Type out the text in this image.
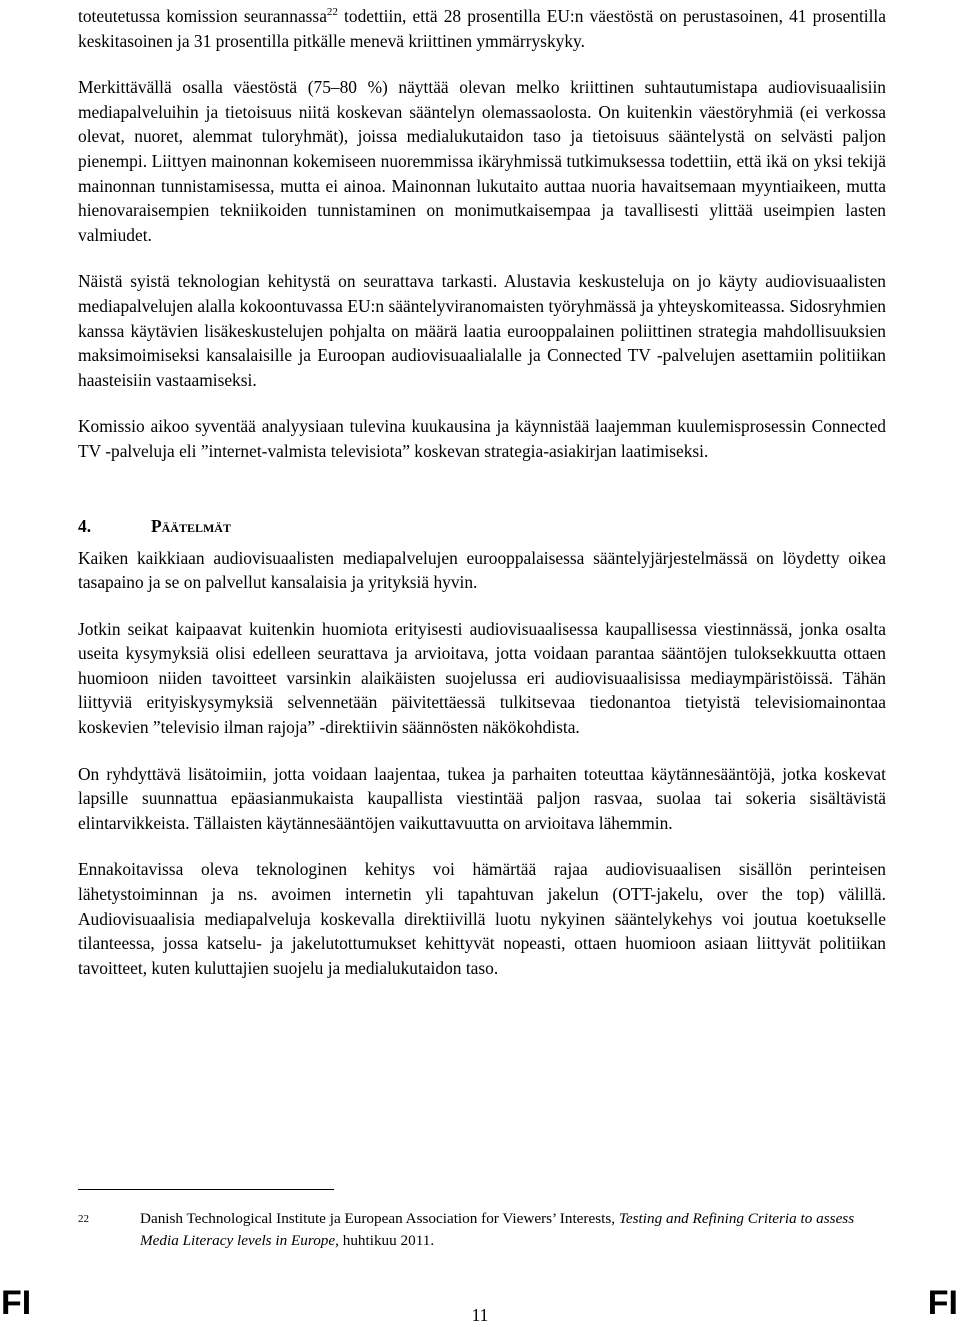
toteutetussa komission seurannassa$^{22}$ todettiin, että 28 prosentilla EU:n väestöstä on perustasoinen, 41 prosentilla keskitasoinen ja 31 prosentilla pitkälle menevä kriittinen ymmärryskyky.

Merkittävällä osalla väestöstä (75–80 %) näyttää olevan melko kriittinen suhtautumistapa audiovisuaalisiin mediapalveluihin ja tietoisuus niitä koskevan sääntelyn olemassaolosta. On kuitenkin väestöryhmiä (ei verkossa olevat, nuoret, alemmat tuloryhmät), joissa medialukutaidon taso ja tietoisuus sääntelystä on selvästi paljon pienempi. Liittyen mainonnan kokemiseen nuoremmissa ikäryhmissä tutkimuksessa todettiin, että ikä on yksi tekijä mainonnan tunnistamisessa, mutta ei ainoa. Mainonnan lukutaito auttaa nuoria havaitsemaan myyntiaikeen, mutta hienovaraisempien tekniikoiden tunnistaminen on monimutkaisempaa ja tavallisesti ylittää useimpien lasten valmiudet.

Näistä syistä teknologian kehitystä on seurattava tarkasti. Alustavia keskusteluja on jo käyty audiovisuaalisten mediapalvelujen alalla kokoontuvassa EU:n sääntelyviranomaisten työryhmässä ja yhteyskomiteassa. Sidosryhmien kanssa käytävien lisäkeskustelujen pohjalta on määrä laatia eurooppalainen poliittinen strategia mahdollisuuksien maksimoimiseksi kansalaisille ja Euroopan audiovisuaalialalle ja Connected TV -palvelujen asettamiin politiikan haasteisiin vastaamiseksi.

Komissio aikoo syventää analyysiaan tulevina kuukausina ja käynnistää laajemman kuulemisprosessin Connected TV -palveluja eli ”internet-valmista televisiota” koskevan strategia-asiakirjan laatimiseksi.

4.	Päätelmät

Kaiken kaikkiaan audiovisuaalisten mediapalvelujen eurooppalaisessa sääntelyjärjestelmässä on löydetty oikea tasapaino ja se on palvellut kansalaisia ja yrityksiä hyvin.

Jotkin seikat kaipaavat kuitenkin huomiota erityisesti audiovisuaalisessa kaupallisessa viestinnässä, jonka osalta useita kysymyksiä olisi edelleen seurattava ja arvioitava, jotta voidaan parantaa sääntöjen tuloksekkuutta ottaen huomioon niiden tavoitteet varsinkin alaikäisten suojelussa eri audiovisuaalisissa mediaympäristöissä. Tähän liittyviä erityiskysymyksiä selvennetään päivitettäessä tulkitsevaa tiedonantoa tietyistä televisiomainontaa koskevien ”televisio ilman rajoja” -direktiivin säännösten näkökohdista.

On ryhdyttävä lisätoimiin, jotta voidaan laajentaa, tukea ja parhaiten toteuttaa käytännesääntöjä, jotka koskevat lapsille suunnattua epäasianmukaista kaupallista viestintää paljon rasvaa, suolaa tai sokeria sisältävistä elintarvikkeista. Tällaisten käytännesääntöjen vaikuttavuutta on arvioitava lähemmin.

Ennakoitavissa oleva teknologinen kehitys voi hämärtää rajaa audiovisuaalisen sisällön perinteisen lähetystoiminnan ja ns. avoimen internetin yli tapahtuvan jakelun (OTT-jakelu, over the top) välillä. Audiovisuaalisia mediapalveluja koskevalla direktiivillä luotu nykyinen sääntelykehys voi joutua koetukselle tilanteessa, jossa katselu- ja jakelutottumukset kehittyvät nopeasti, ottaen huomioon asiaan liittyvät politiikan tavoitteet, kuten kuluttajien suojelu ja medialukutaidon taso.

22	Danish Technological Institute ja European Association for Viewers’ Interests, Testing and Refining Criteria to assess Media Literacy levels in Europe, huhtikuu 2011.
FI	11	FI
